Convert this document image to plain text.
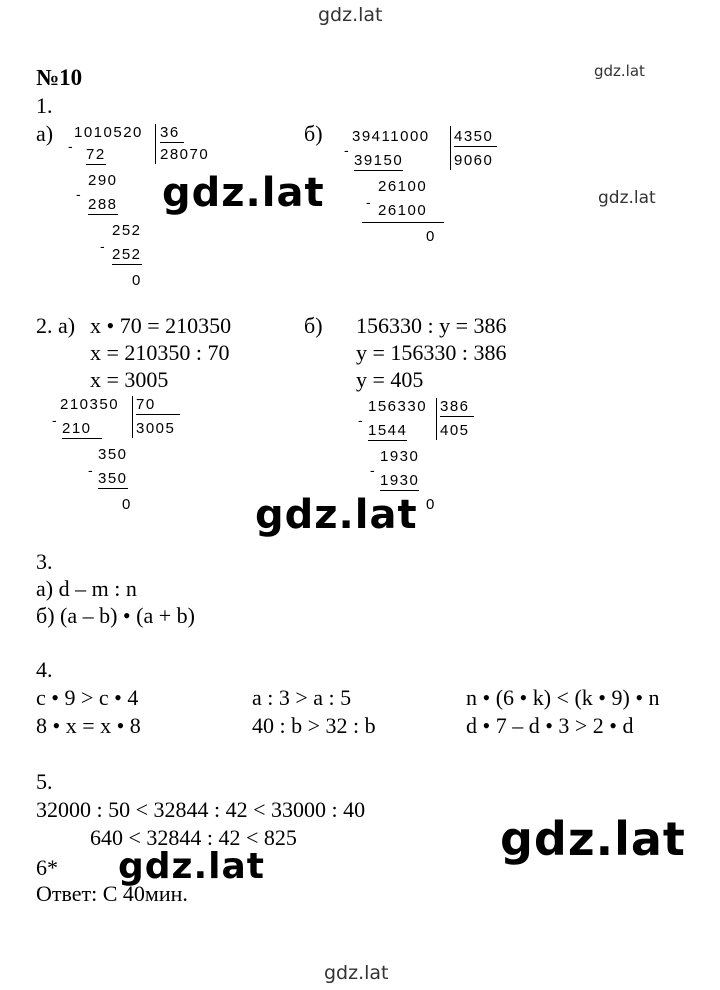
gdz.lat
gdz.lat
gdz.lat
gdz.lat
gdz.lat
gdz.lat
gdz.lat
gdz.lat
№10
1.
а) 1010520 36
28070
- 72
290
-
288
252
- 252
0
б) 39411000 4350
9060
-
39150
26100
- 26100
0
2. а) x • 70 = 210350
x = 210350 : 70
x = 3005
210350 70
3005
- 210
350
- 350
0
б) 156330 : y = 386
y = 156330 : 386
y = 405
156330 386
405
-
1544
1930
-
1930
0
3.
а) d – m : n
б) (a – b) • (a + b)
4.
c • 9 > c • 4	a : 3 > a : 5	n • (6 • k) < (k • 9) • n
8 • x = x • 8	40 : b > 32 : b	d • 7 – d • 3 > 2 • d
5.
32000 : 50 < 32844 : 42 < 33000 : 40
640 < 32844 : 42 < 825
6*
Ответ: С 40мин.
